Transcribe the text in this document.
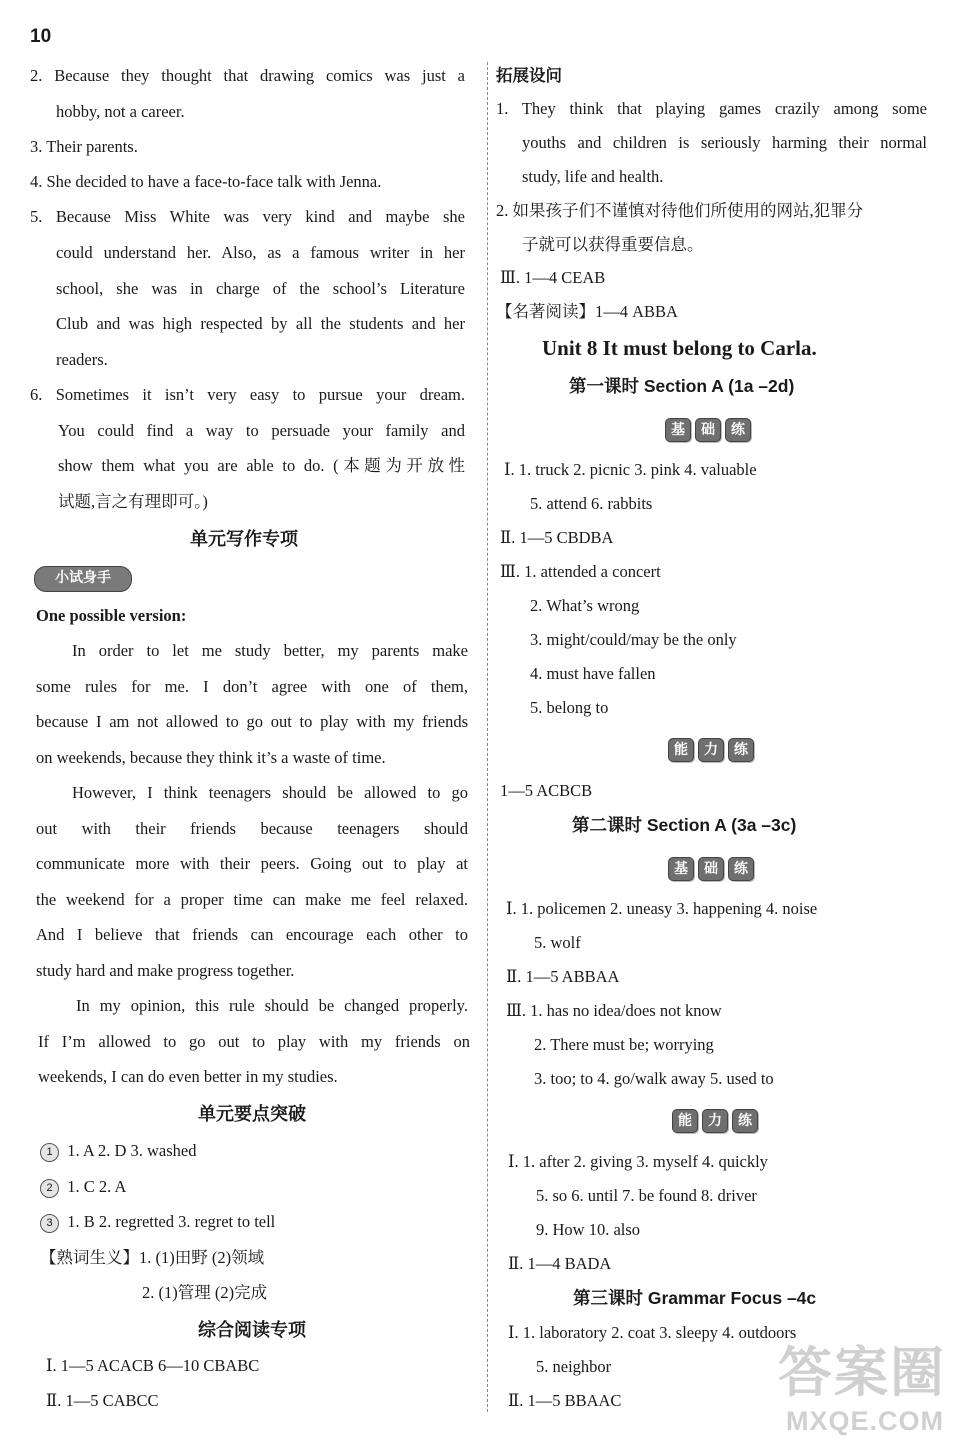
10
2. Because they thought that drawing comics was just a
hobby, not a career.
3. Their parents.
4. She decided to have a face-to-face talk with Jenna.
5. Because Miss White was very kind and maybe she
could understand her. Also, as a famous writer in her
school, she was in charge of the school’s Literature
Club and was high respected by all the students and her
readers.
6. Sometimes it isn’t very easy to pursue your dream.
You could find a way to persuade your family and
show them what you are able to do. (本题为开放性
试题,言之有理即可。)
单元写作专项
小试身手
One possible version:
In order to let me study better, my parents make
some rules for me. I don’t agree with one of them,
because I am not allowed to go out to play with my friends
on weekends, because they think it’s a waste of time.
However, I think teenagers should be allowed to go
out with their friends because teenagers should
communicate more with their peers. Going out to play at
the weekend for a proper time can make me feel relaxed.
And I believe that friends can encourage each other to
study hard and make progress together.
In my opinion, this rule should be changed properly.
If I’m allowed to go out to play with my friends on
weekends, I can do even better in my studies.
单元要点突破
1 1. A 2. D 3. washed
2 1. C 2. A
3 1. B 2. regretted 3. regret to tell
【熟词生义】1. (1)田野 (2)领域
2. (1)管理 (2)完成
综合阅读专项
Ⅰ. 1—5 ACACB 6—10 CBABC
Ⅱ. 1—5 CABCC
拓展设问
1. They think that playing games crazily among some
youths and children is seriously harming their normal
study, life and health.
2. 如果孩子们不谨慎对待他们所使用的网站,犯罪分
子就可以获得重要信息。
Ⅲ. 1—4 CEAB
【名著阅读】1—4 ABBA
Unit 8 It must belong to Carla.
第一课时 Section A (1a –2d)
基	础	练
Ⅰ. 1. truck 2. picnic 3. pink 4. valuable
5. attend 6. rabbits
Ⅱ. 1—5 CBDBA
Ⅲ. 1. attended a concert
2. What’s wrong
3. might/could/may be the only
4. must have fallen
5. belong to
能	力	练
1—5 ACBCB
第二课时 Section A (3a –3c)
基	础	练
Ⅰ. 1. policemen 2. uneasy 3. happening 4. noise
5. wolf
Ⅱ. 1—5 ABBAA
Ⅲ. 1. has no idea/does not know
2. There must be; worrying
3. too; to 4. go/walk away 5. used to
能	力	练
Ⅰ. 1. after 2. giving 3. myself 4. quickly
5. so 6. until 7. be found 8. driver
9. How 10. also
Ⅱ. 1—4 BADA
第三课时 Grammar Focus –4c
Ⅰ. 1. laboratory 2. coat 3. sleepy 4. outdoors
5. neighbor
Ⅱ. 1—5 BBAAC	答案圈
MXQE.COM
